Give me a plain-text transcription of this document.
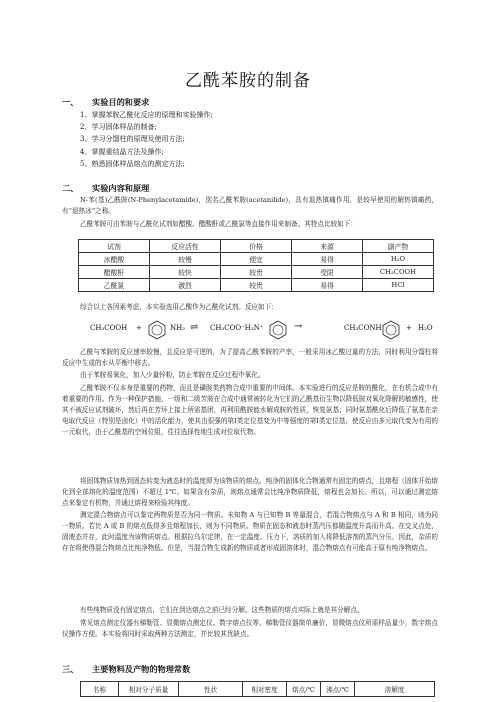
乙酰苯胺的制备
一、 实验目的和要求
1、掌握苯胺乙酰化反应的原理和实验操作;
2、学习固体样品的制备;
3、学习分馏柱的原理及使用方法;
4、掌握重结晶方法及操作;
5、熟悉固体样品熔点的测定方法;
二、 实验内容和原理
N-苯(基)乙酰胺(N-Phenylacetamide)，别名乙酰苯胺(acetanilide)，具有退热镇痛作用，是较早使用的解热镇痛药，有“退热冰”之称。
乙酰苯胺可由苯胺与乙酰化试剂如醋酸、醋酸酐或乙酰氯等直接作用来制备。其特点比较如下：
试剂	反应活性	价格	来源	副产物
冰醋酸	较慢	便宜	易得	H₂O
醋酸酐	较快	较贵	受限	CH₃COOH
乙酰氯	激烈	较贵	易得	HCl
综合以上各因素考虑，本实验选用乙酸作为乙酰化试剂。反应如下：
CH₃COOH +	NH₂ ⇌ CH₃COO⁻H₃N⁺	→	CH₃CONH	+ H₂O
乙酰与苯胺的反应速率较慢，且反应是可逆的，为了提高乙酰苯胺的产率，一般采用冰乙酸过量的方法，同时利用分馏柱将反应中生成的水从平衡中移去。
由于苯胺易氧化，加入少量锌粉，防止苯胺在反应过程中氧化。
乙酰苯胺不仅本身是重要的药物，而且是磺胺类药物合成中重要的中间体。本实验进行的反应是胺的酰化，在有机合成中有着重要的作用。作为一种保护措施，一级和二级芳胺在合成中通常被转化为它们的乙酰基衍生物以降低胺对氧化降解的敏感性，使其不被反应试剂破坏，然后再在芳环上接上所需基团，再利用酰胺能水解成胺的性质，恢复氨基；同时氨基酰化后降低了氨基在亲电取代反应（特别是卤化）中的活化能力，使其由很强的第Ⅰ类定位基变为中等强度的第Ⅰ类定位基，使反应由多元取代变为有用的一元取代，由于乙酰基的空间位阻，往往选择性地生成对位取代物。
将固体物质加热到固态转变为液态时的温度即为该物质的熔点。纯净的固体化合物通常有固定的熔点，且熔程（固体开始熔化到全部熔化的温度范围）不超过 1℃。如果含有杂质，则熔点通常会比纯净物质降低，熔程也会加长。所以，可以通过测定熔点来鉴定有机物，并通过熔程来检验其纯度。
测定混合物熔点可以鉴定两物质是否为同一物质。未知物 A 与已知物 B 等量混合，若混合物熔点与 A 和 B 相同，则为同一物质。若比 A 或 B 的熔点低得多且熔程加长，则为不同物质。物质在固态和液态时蒸汽压都随温度升高而升高。在交叉点处，固液态并存，此时温度为该物质熔点。根据拉乌尔定律，在一定温度、压力下，溶质的加入将降低溶剂的蒸汽分压，因此，杂质的存在将使得混合物熔点比纯净物低。但是，当混合物生成新的物质或者形成固溶体时，混合物熔点有可能高于原有纯净物熔点。
有些纯物质没有固定熔点，它们在到达熔点之前已经分解。这些物质的熔点实际上就是其分解点。
常见熔点测定仪器有梯勒管、显微熔点测定仪、数字熔点仪等。梯勒管仪器简单廉价，显微熔点仪所需样品量少，数字熔点仪操作方便。本实验将同时采取两种方法测定，并比较其优缺点。
三、 主要物料及产物的物理常数
名称	相对分子质量	性状	相对密度	熔点/℃	沸点/℃	溶解度
